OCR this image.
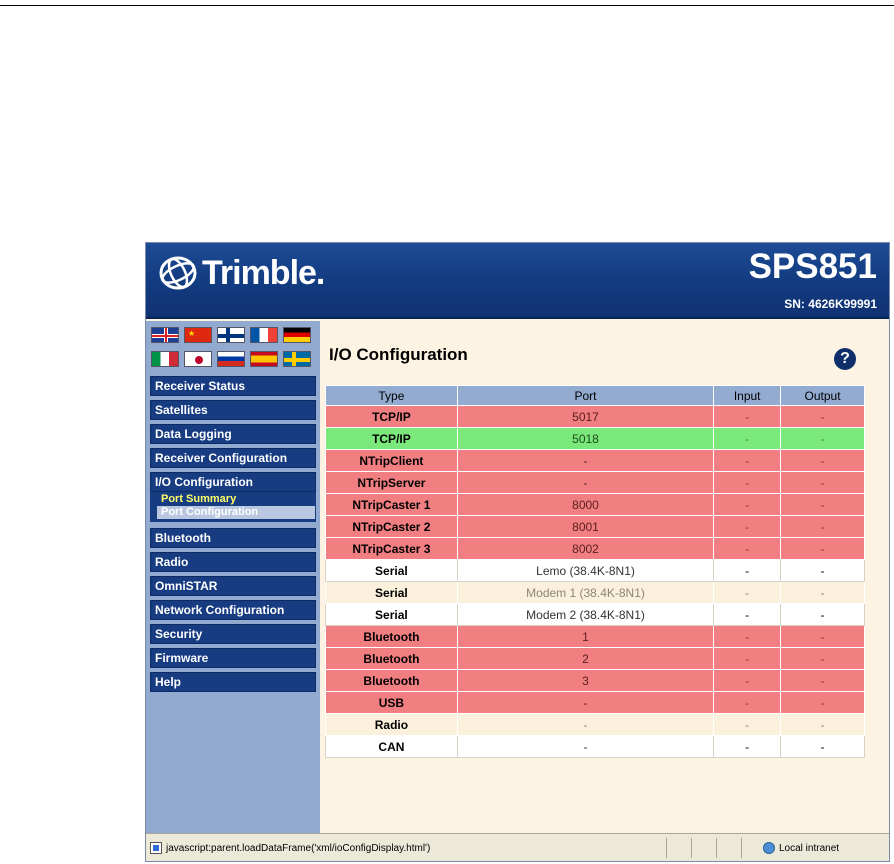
Trimble.	SPS851
SN: 4626K99991
★
Receiver Status
Satellites
Data Logging
Receiver Configuration
I/O Configuration
Port Summary
Port Configuration
Bluetooth
Radio
OmniSTAR
Network Configuration
Security
Firmware
Help
I/O Configuration	?
Type	Port	Input	Output
TCP/IP	5017	-	-
TCP/IP	5018	-	-
NTripClient	-	-	-
NTripServer	-	-	-
NTripCaster 1	8000	-	-
NTripCaster 2	8001	-	-
NTripCaster 3	8002	-	-
Serial	Lemo (38.4K-8N1)	-	-
Serial	Modem 1 (38.4K-8N1)	-	-
Serial	Modem 2 (38.4K-8N1)	-	-
Bluetooth	1	-	-
Bluetooth	2	-	-
Bluetooth	3	-	-
USB	-	-	-
Radio	-	-	-
CAN	-	-	-
javascript:parent.loadDataFrame('xml/ioConfigDisplay.html')	Local intranet
